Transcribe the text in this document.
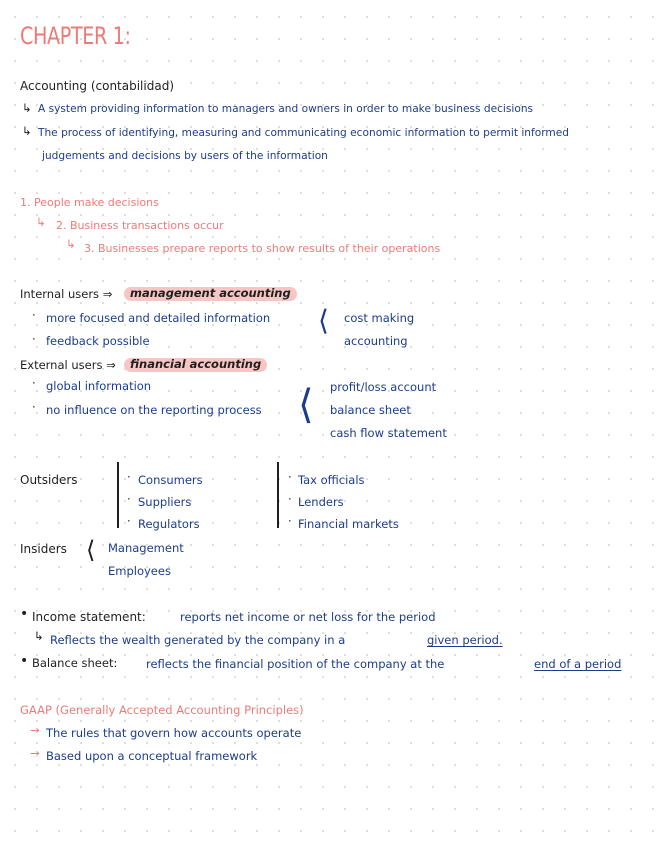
CHAPTER 1:
Accounting (contabilidad)
↳ A system providing information to managers and owners in order to make business decisions
↳ The process of identifying, measuring and communicating economic information to permit informed
judgements and decisions by users of the information
1. People make decisions
↳ 2. Business transactions occur
↳ 3. Businesses prepare reports to show results of their operations
Internal users ⇒	management accounting
· more focused and detailed information
· feedback possible
⟨ cost making
accounting
External users ⇒	financial accounting
· global information
· no influence on the reporting process ⟨ profit/loss account
balance sheet
cash flow statement
Outsiders	Consumers
Suppliers
Regulators
·
·
·
Tax officials
Lenders
Financial markets
·
·
·
Insiders ⟨ Management
Employees
• Income statement:	reports net income or net loss for the period
↳ Reflects the wealth generated by the company in a	given period.
• Balance sheet: reflects the financial position of the company at the	end of a period
GAAP (Generally Accepted Accounting Principles)
→ The rules that govern how accounts operate
→ Based upon a conceptual framework
